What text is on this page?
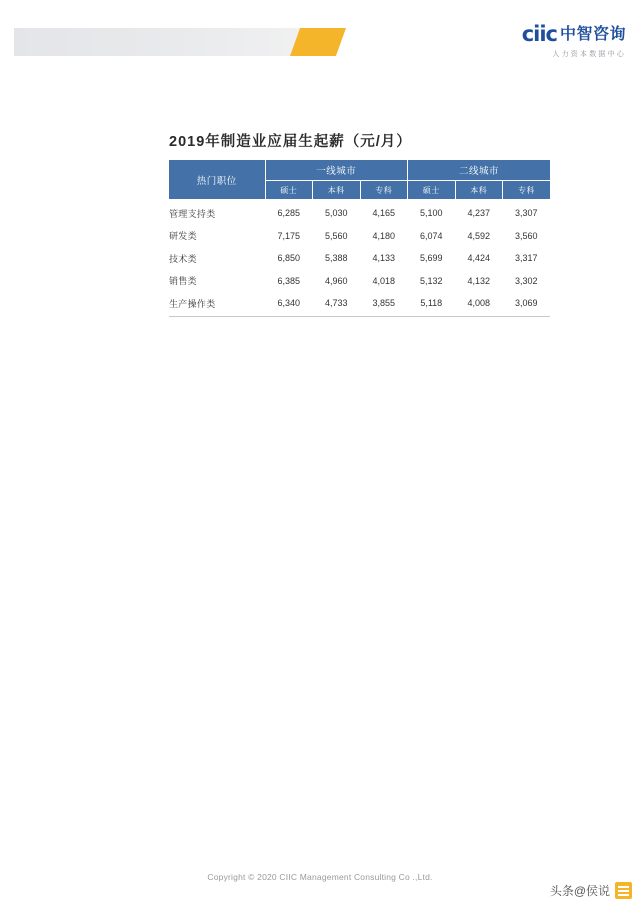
ciic 中智咨询
人力资本数据中心
2019年制造业应届生起薪（元/月）
热门职位	一线城市			二线城市		
	硕士	本科	专科	硕士	本科	专科
管理支持类	6,285	5,030	4,165	5,100	4,237	3,307
研发类	7,175	5,560	4,180	6,074	4,592	3,560
技术类	6,850	5,388	4,133	5,699	4,424	3,317
销售类	6,385	4,960	4,018	5,132	4,132	3,302
生产操作类	6,340	4,733	3,855	5,118	4,008	3,069
Copyright © 2020 CIIC Management Consulting Co .,Ltd.
头条@侯说
